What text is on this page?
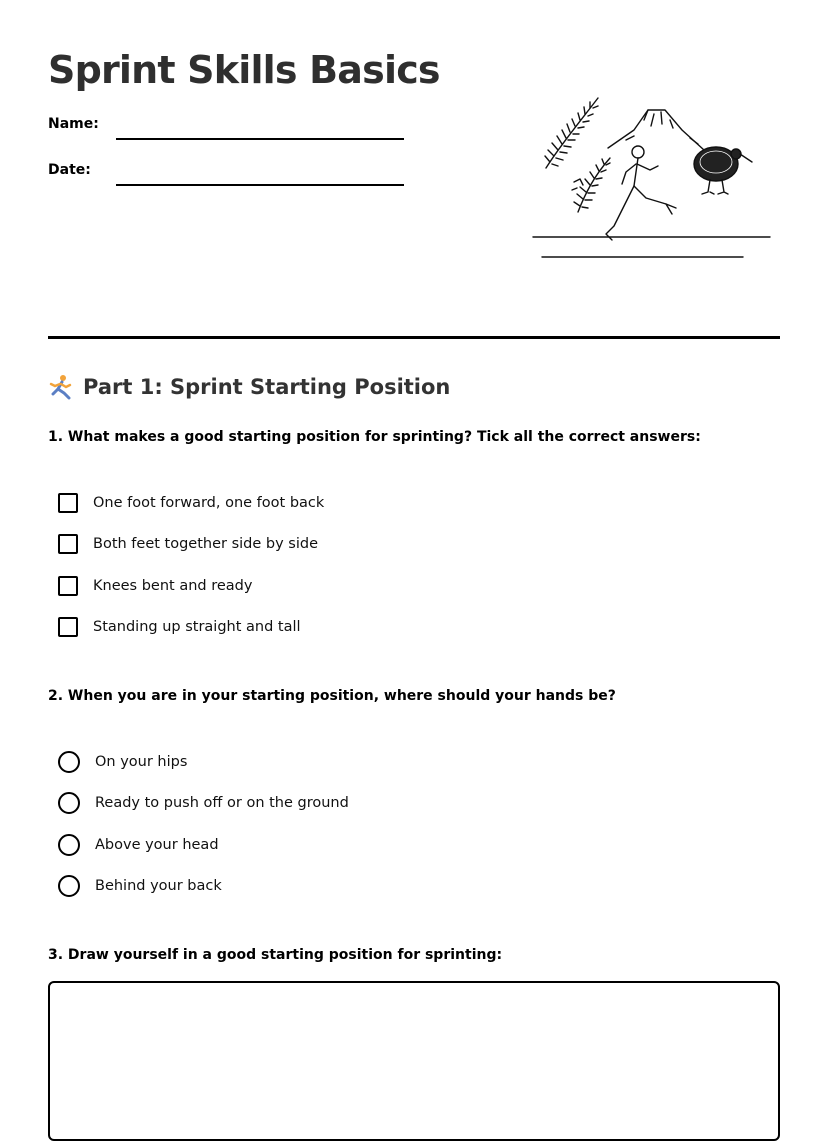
Sprint Skills Basics
Name:
Date:
Part 1: Sprint Starting Position

1. What makes a good starting position for sprinting? Tick all the correct answers:

One foot forward, one foot back
Both feet together side by side
Knees bent and ready
Standing up straight and tall

2. When you are in your starting position, where should your hands be?

On your hips
Ready to push off or on the ground
Above your head
Behind your back

3. Draw yourself in a good starting position for sprinting:
